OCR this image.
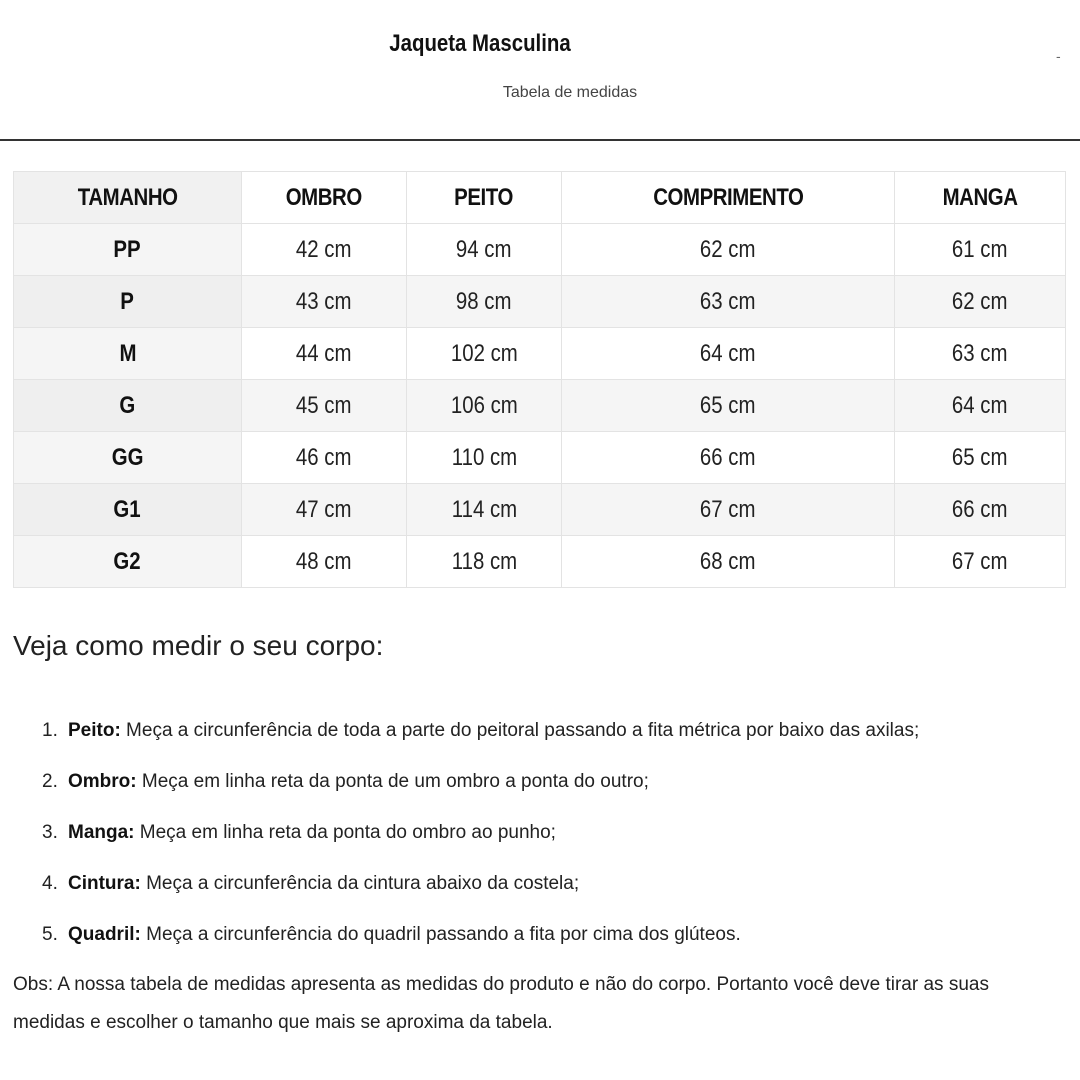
Jaqueta Masculina
Tabela de medidas
-
TAMANHO	OMBRO	PEITO	COMPRIMENTO	MANGA
PP	42 cm	94 cm	62 cm	61 cm
P	43 cm	98 cm	63 cm	62 cm
M	44 cm	102 cm	64 cm	63 cm
G	45 cm	106 cm	65 cm	64 cm
GG	46 cm	110 cm	66 cm	65 cm
G1	47 cm	114 cm	67 cm	66 cm
G2	48 cm	118 cm	68 cm	67 cm
Veja como medir o seu corpo:
1. Peito: Meça a circunferência de toda a parte do peitoral passando a fita métrica por baixo das axilas;
2. Ombro: Meça em linha reta da ponta de um ombro a ponta do outro;
3. Manga: Meça em linha reta da ponta do ombro ao punho;
4. Cintura: Meça a circunferência da cintura abaixo da costela;
5. Quadril: Meça a circunferência do quadril passando a fita por cima dos glúteos.

Obs: A nossa tabela de medidas apresenta as medidas do produto e não do corpo. Portanto você deve tirar as suas medidas e escolher o tamanho que mais se aproxima da tabela.
